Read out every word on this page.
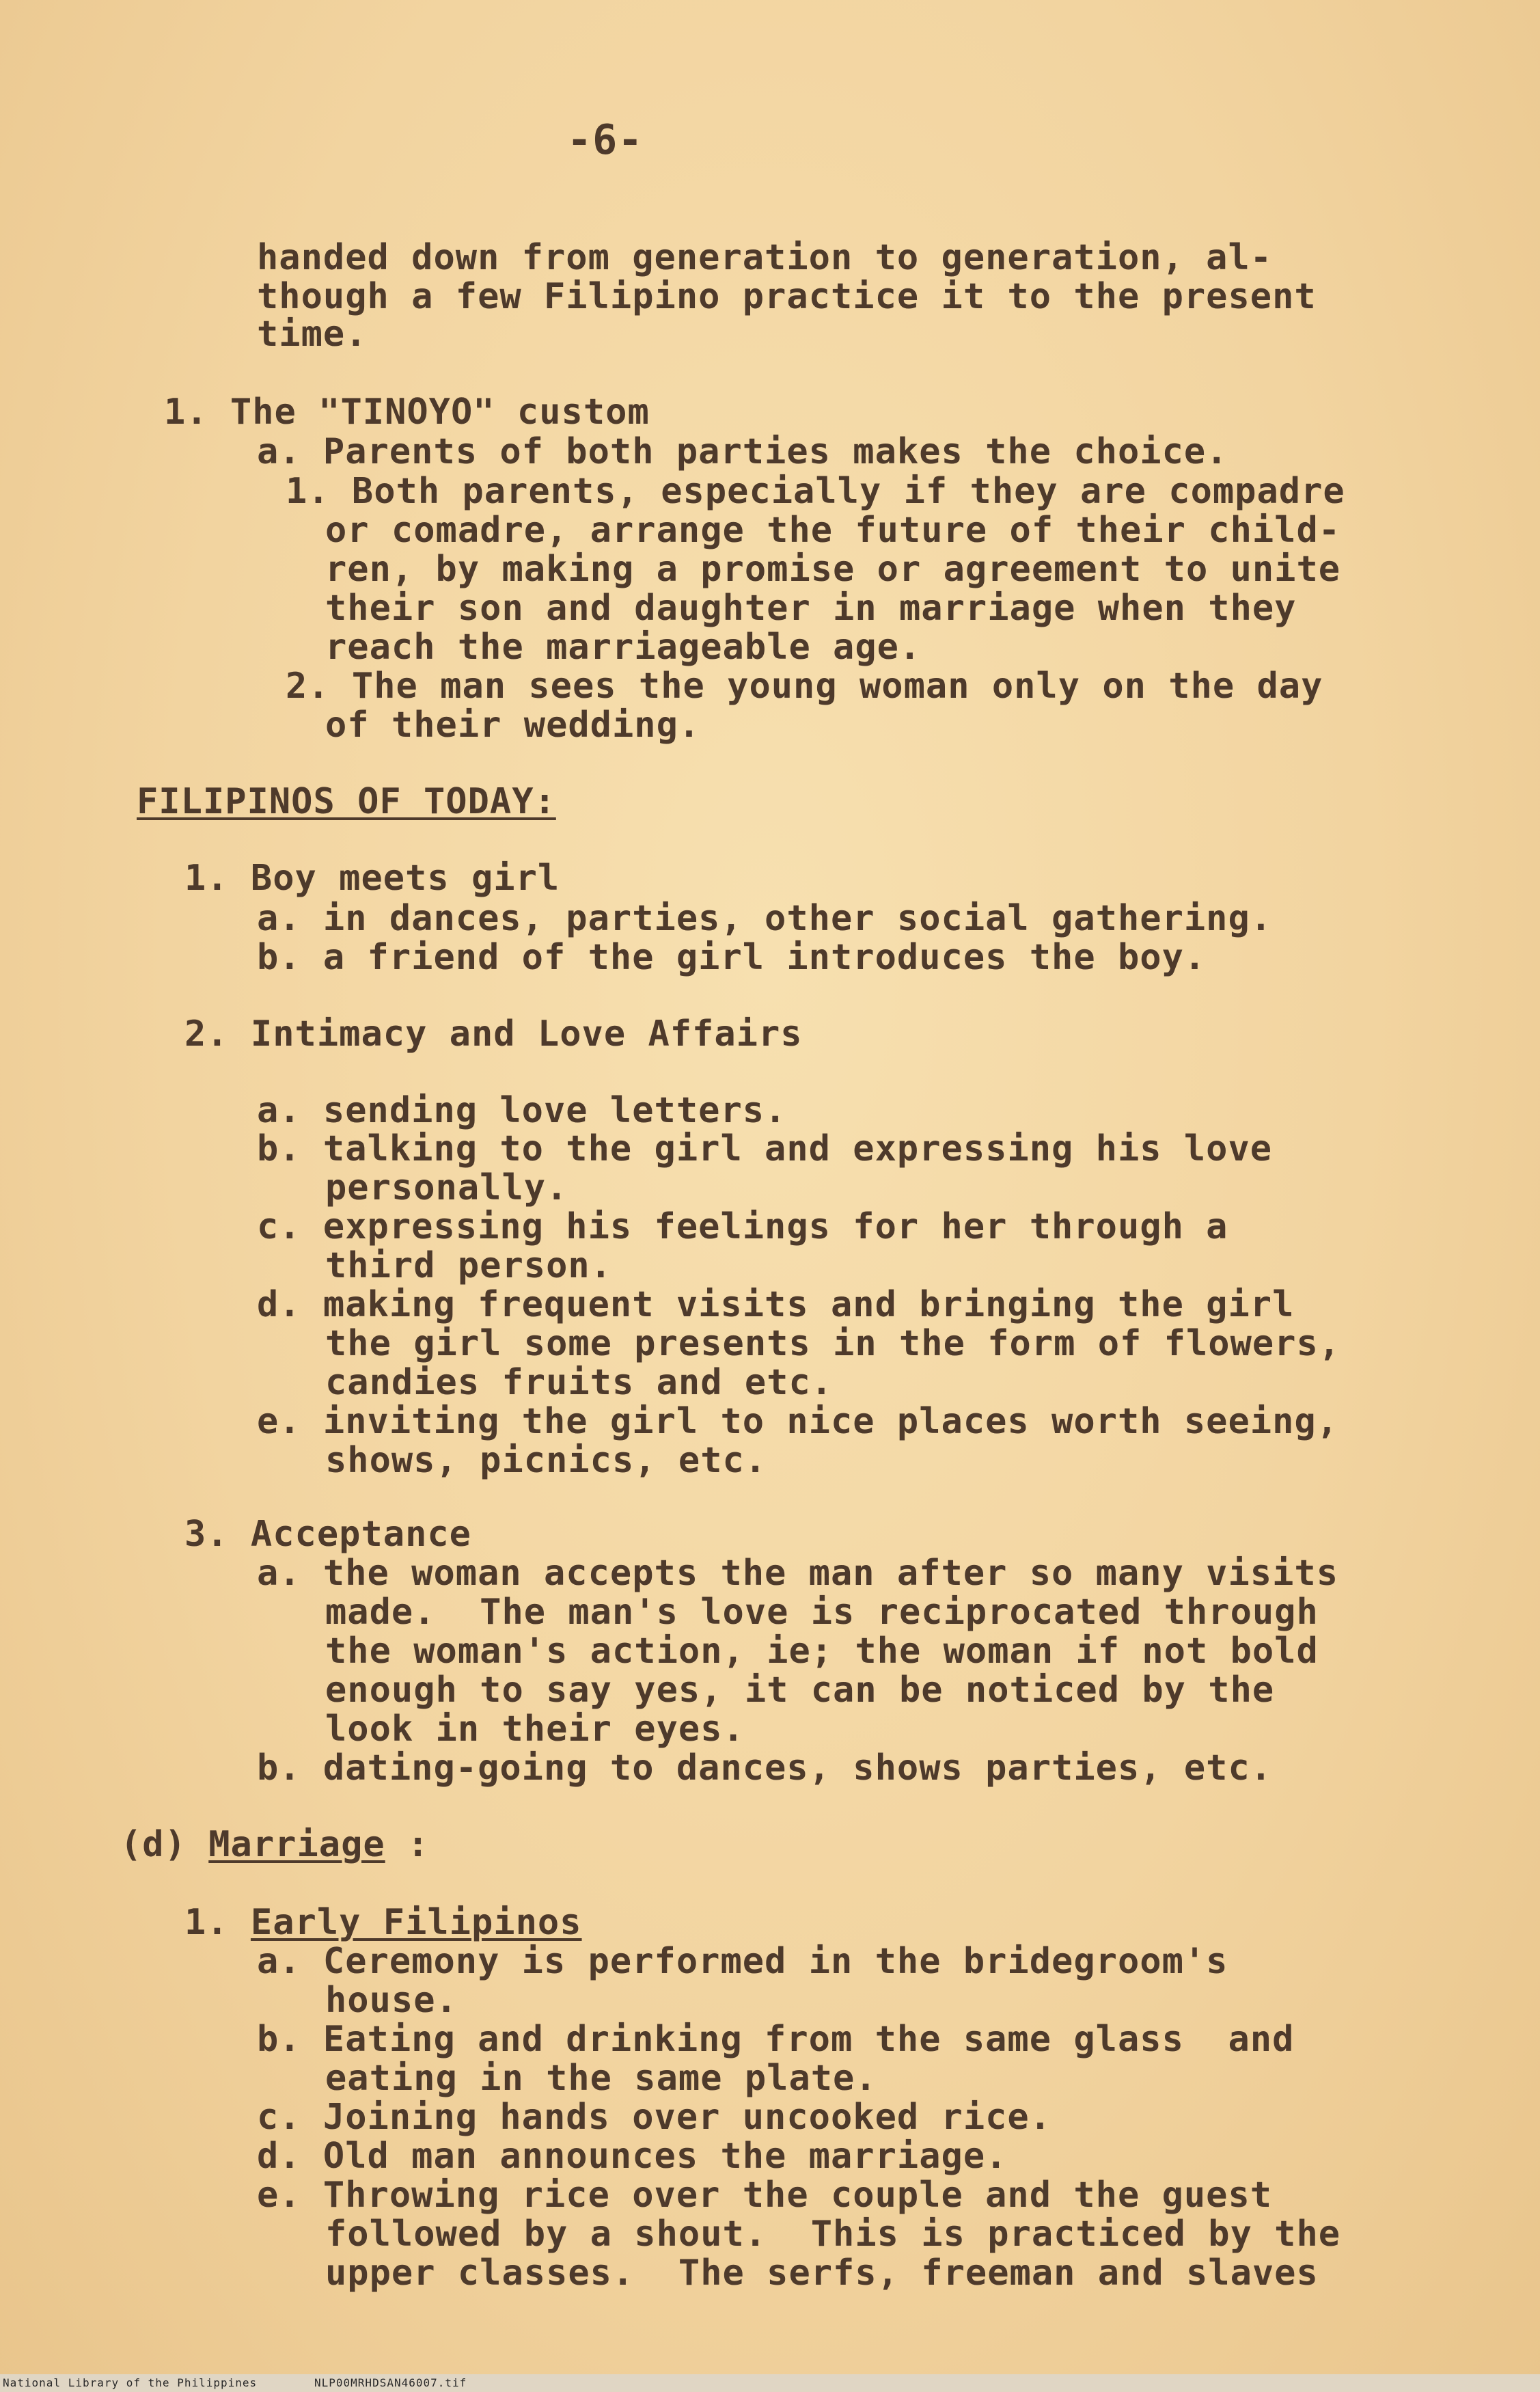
-6-
handed down from generation to generation, al-
though a few Filipino practice it to the present
time.
1. The "TINOYO" custom
a. Parents of both parties makes the choice.
1. Both parents, especially if they are compadre
or comadre, arrange the future of their child-
ren, by making a promise or agreement to unite
their son and daughter in marriage when they
reach the marriageable age.
2. The man sees the young woman only on the day
of their wedding.
FILIPINOS OF TODAY:
1. Boy meets girl
a. in dances, parties, other social gathering.
b. a friend of the girl introduces the boy.
2. Intimacy and Love Affairs
a. sending love letters.
b. talking to the girl and expressing his love
personally.
c. expressing his feelings for her through a
third person.
d. making frequent visits and bringing the girl
the girl some presents in the form of flowers,
candies fruits and etc.
e. inviting the girl to nice places worth seeing,
shows, picnics, etc.
3. Acceptance
a. the woman accepts the man after so many visits
made.  The man's love is reciprocated through
the woman's action, ie; the woman if not bold
enough to say yes, it can be noticed by the
look in their eyes.
b. dating-going to dances, shows parties, etc.
(d) Marriage :
1. Early Filipinos
a. Ceremony is performed in the bridegroom's
house.
b. Eating and drinking from the same glass  and
eating in the same plate.
c. Joining hands over uncooked rice.
d. Old man announces the marriage.
e. Throwing rice over the couple and the guest
followed by a shout.  This is practiced by the
upper classes.  The serfs, freeman and slaves
National Library of the Philippines	NLP00MRHDSAN46007.tif
